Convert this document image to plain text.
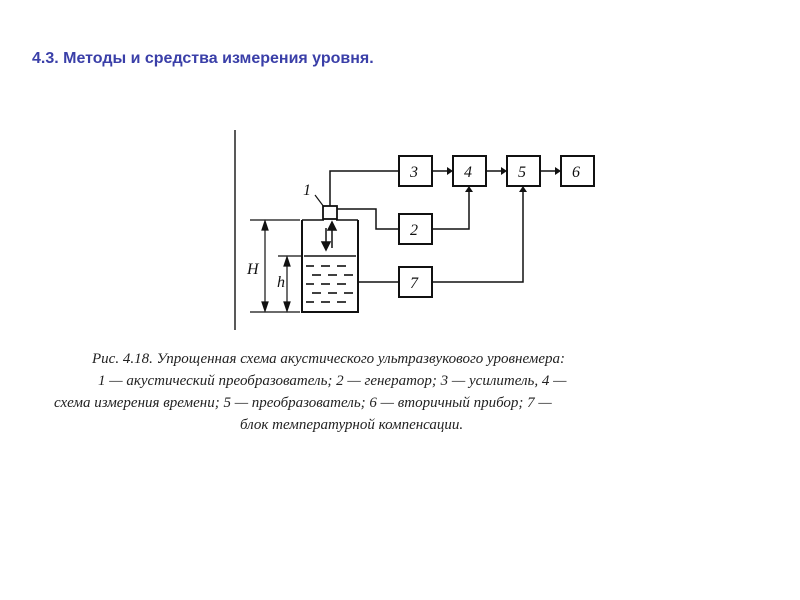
4.3. Методы и средства измерения уровня.
1
H
h
3	4	5	6
2
7
Рис. 4.18. Упрощенная схема акустического ультразвукового уровнемера:
1 — акустический преобразователь; 2 — генератор; 3 — усилитель, 4 —
схема измерения времени; 5 — преобразователь; 6 — вторичный прибор; 7 —
блок температурной компенсации.
